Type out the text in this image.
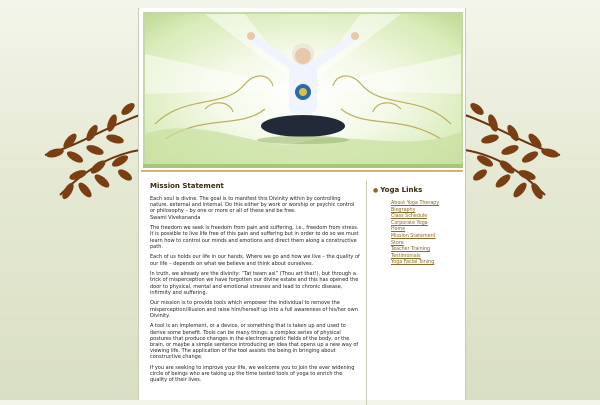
Mission Statement

Each soul is divine. The goal is to manifest this Divinity within by controlling nature, external and internal. Do this either by work or worship or psychic control or philosophy – by one or more or all of these and be free.
Swami Vivekananda

The freedom we seek is freedom from pain and suffering, i.e., freedom from stress. It is possible to live life free of this pain and suffering but in order to do so we must learn how to control our minds and emotions and direct them along a constructive path.

Each of us holds our life in our hands. Where we go and how we live – the quality of our life – depends on what we believe and think about ourselves.

In truth, we already are the divinity: “Tat twam asi” (Thou art that!), but through a trick of misperception we have forgotten our divine estate and this has opened the door to physical, mental and emotional stresses and lead to chronic disease, infirmity and suffering.

Our mission is to provide tools which empower the individual to remove the misperception/illusion and raise him/herself up into a full awareness of his/her own Divinity.

A tool is an implement, or a device, or something that is taken up and used to derive some benefit. Tools can be many things: a complex series of physical postures that produce changes in the electromagnetic fields of the body, or the brain, or maybe a simple sentence introducing an idea that opens up a new way of viewing life. The application of the tool assists the being in bringing about constructive change.

If you are seeking to improve your life, we welcome you to join the ever widening circle of beings who are taking up the time tested tools of yoga to enrich the quality of their lives.

● Yoga Links
About Yoga Therapy
Biography
Class Schedule
Corporate Yoga
Home
Mission Statement
Store
Teacher Training
Testimonials
Yoga Facial Toning
